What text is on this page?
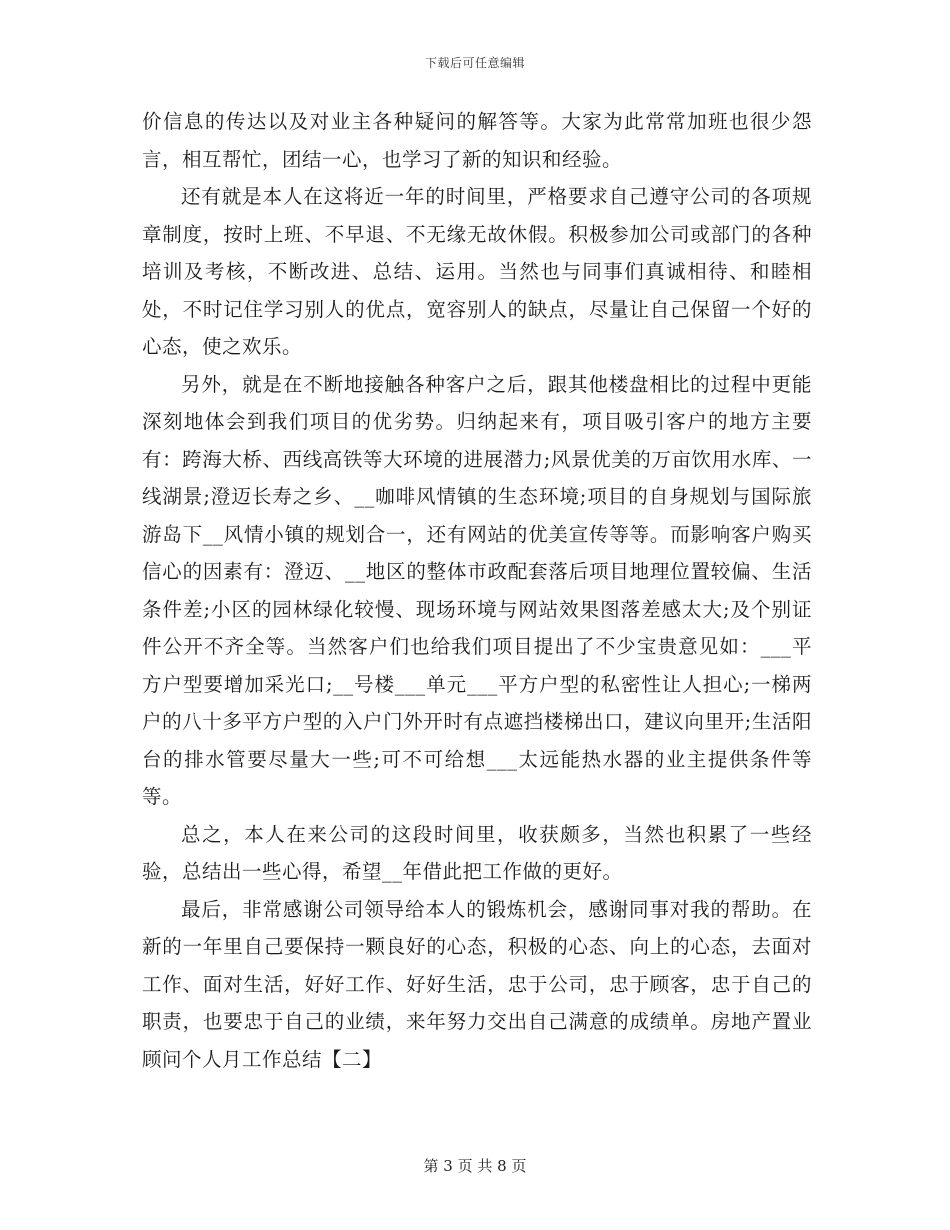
下载后可任意编辑

价信息的传达以及对业主各种疑问的解答等。大家为此常常加班也很少怨言，相互帮忙，团结一心，也学习了新的知识和经验。

还有就是本人在这将近一年的时间里，严格要求自己遵守公司的各项规章制度，按时上班、不早退、不无缘无故休假。积极参加公司或部门的各种培训及考核，不断改进、总结、运用。当然也与同事们真诚相待、和睦相处，不时记住学习别人的优点，宽容别人的缺点，尽量让自己保留一个好的心态，使之欢乐。

另外，就是在不断地接触各种客户之后，跟其他楼盘相比的过程中更能深刻地体会到我们项目的优劣势。归纳起来有，项目吸引客户的地方主要有：跨海大桥、西线高铁等大环境的进展潜力;风景优美的万亩饮用水库、一线湖景;澄迈长寿之乡、__咖啡风情镇的生态环境;项目的自身规划与国际旅游岛下__风情小镇的规划合一，还有网站的优美宣传等等。而影响客户购买信心的因素有：澄迈、__地区的整体市政配套落后项目地理位置较偏、生活条件差;小区的园林绿化较慢、现场环境与网站效果图落差感太大;及个别证件公开不齐全等。当然客户们也给我们项目提出了不少宝贵意见如：___平方户型要增加采光口;__号楼___单元___平方户型的私密性让人担心;一梯两户的八十多平方户型的入户门外开时有点遮挡楼梯出口，建议向里开;生活阳台的排水管要尽量大一些;可不可给想___太远能热水器的业主提供条件等等。

总之，本人在来公司的这段时间里，收获颇多，当然也积累了一些经验，总结出一些心得，希望__年借此把工作做的更好。

最后，非常感谢公司领导给本人的锻炼机会，感谢同事对我的帮助。在新的一年里自己要保持一颗良好的心态，积极的心态、向上的心态，去面对工作、面对生活，好好工作、好好生活，忠于公司，忠于顾客，忠于自己的职责，也要忠于自己的业绩，来年努力交出自己满意的成绩单。房地产置业顾问个人月工作总结【二】

第 3 页 共 8 页
